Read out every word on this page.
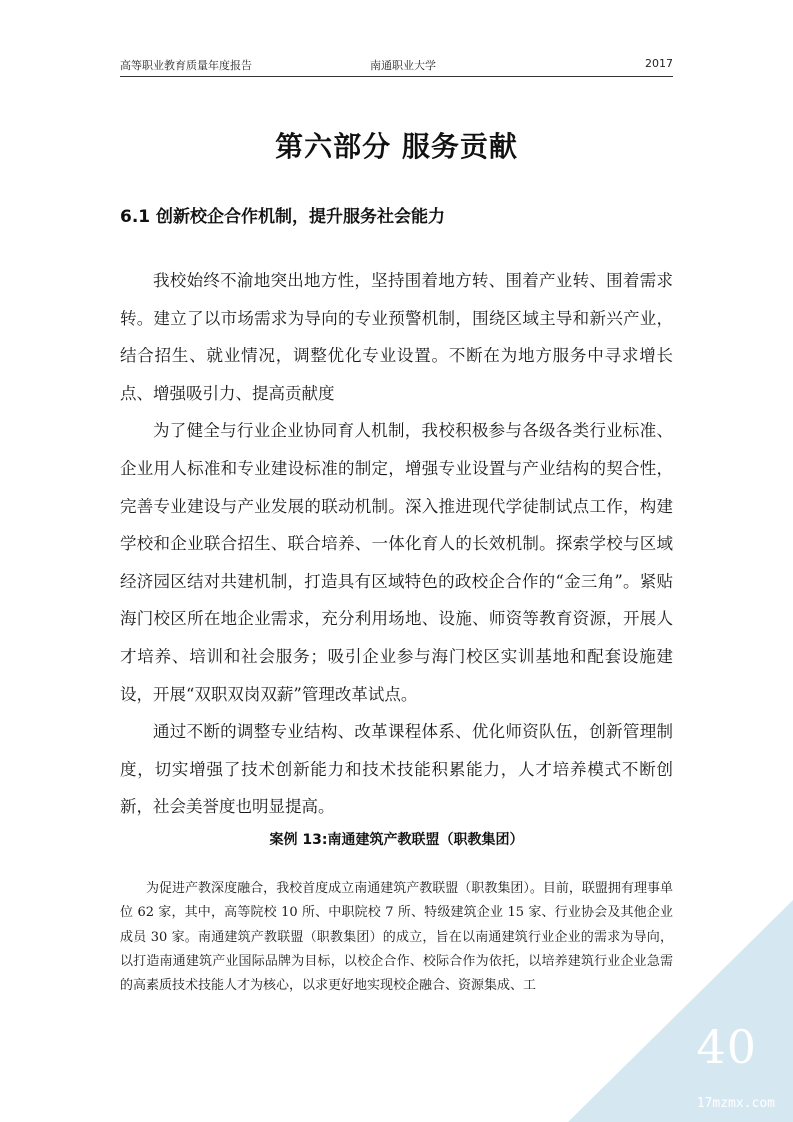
高等职业教育质量年度报告	南通职业大学	2017
第六部分 服务贡献
6.1 创新校企合作机制，提升服务社会能力

我校始终不渝地突出地方性，坚持围着地方转、围着产业转、围着需求转。建立了以市场需求为导向的专业预警机制，围绕区域主导和新兴产业，结合招生、就业情况，调整优化专业设置。不断在为地方服务中寻求增长点、增强吸引力、提高贡献度

为了健全与行业企业协同育人机制，我校积极参与各级各类行业标准、企业用人标准和专业建设标准的制定，增强专业设置与产业结构的契合性，完善专业建设与产业发展的联动机制。深入推进现代学徒制试点工作，构建学校和企业联合招生、联合培养、一体化育人的长效机制。探索学校与区域经济园区结对共建机制，打造具有区域特色的政校企合作的“金三角”。紧贴海门校区所在地企业需求，充分利用场地、设施、师资等教育资源，开展人才培养、培训和社会服务；吸引企业参与海门校区实训基地和配套设施建设，开展“双职双岗双薪”管理改革试点。

通过不断的调整专业结构、改革课程体系、优化师资队伍，创新管理制度，切实增强了技术创新能力和技术技能积累能力，人才培养模式不断创新，社会美誉度也明显提高。

案例 13:南通建筑产教联盟（职教集团）

为促进产教深度融合，我校首度成立南通建筑产教联盟（职教集团）。目前，联盟拥有理事单位 62 家，其中，高等院校 10 所、中职院校 7 所、特级建筑企业 15 家、行业协会及其他企业成员 30 家。南通建筑产教联盟（职教集团）的成立，旨在以南通建筑行业企业的需求为导向，以打造南通建筑产业国际品牌为目标，以校企合作、校际合作为依托，以培养建筑行业企业急需的高素质技术技能人才为核心，以求更好地实现校企融合、资源集成、工

40
17mzmx.com
